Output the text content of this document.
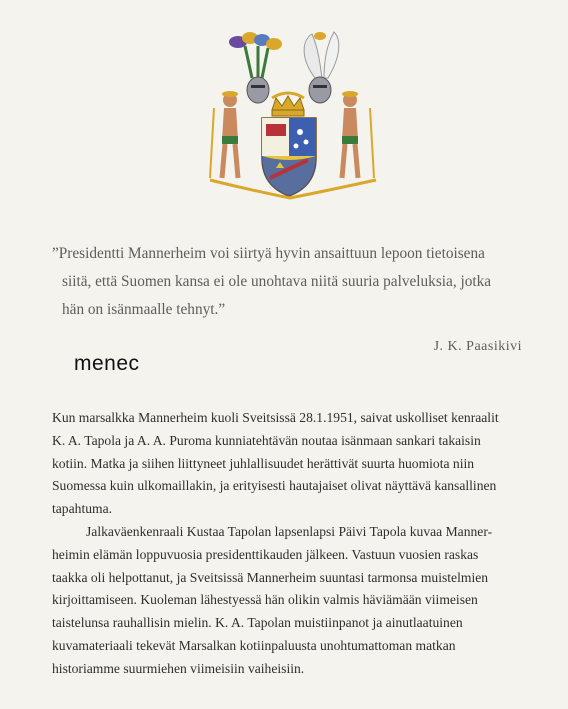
”Presidentti Mannerheim voi siirtyä hyvin ansaittuun lepoon tietoisena
siitä, että Suomen kansa ei ole unohtava niitä suuria palveluksia, jotka
hän on isänmaalle tehnyt.”
J. K. Paasikivi
menec
Kun marsalkka Mannerheim kuoli Sveitsissä 28.1.1951, saivat uskolliset kenraalit
K. A. Tapola ja A. A. Puroma kunniatehtävän noutaa isänmaan sankari takaisin
kotiin. Matka ja siihen liittyneet juhlallisuudet herättivät suurta huomiota niin
Suomessa kuin ulkomaillakin, ja erityisesti hautajaiset olivat näyttävä kansallinen
tapahtuma.
Jalkaväenkenraali Kustaa Tapolan lapsenlapsi Päivi Tapola kuvaa Manner-
heimin elämän loppuvuosia presidenttikauden jälkeen. Vastuun vuosien raskas
taakka oli helpottanut, ja Sveitsissä Mannerheim suuntasi tarmonsa muistelmien
kirjoittamiseen. Kuoleman lähestyessä hän olikin valmis häviämään viimeisen
taistelunsa rauhallisin mielin. K. A. Tapolan muistiinpanot ja ainutlaatuinen
kuvamateriaali tekevät Marsalkan kotiinpaluusta unohtumattoman matkan
historiamme suurmiehen viimeisiin vaiheisiin.
